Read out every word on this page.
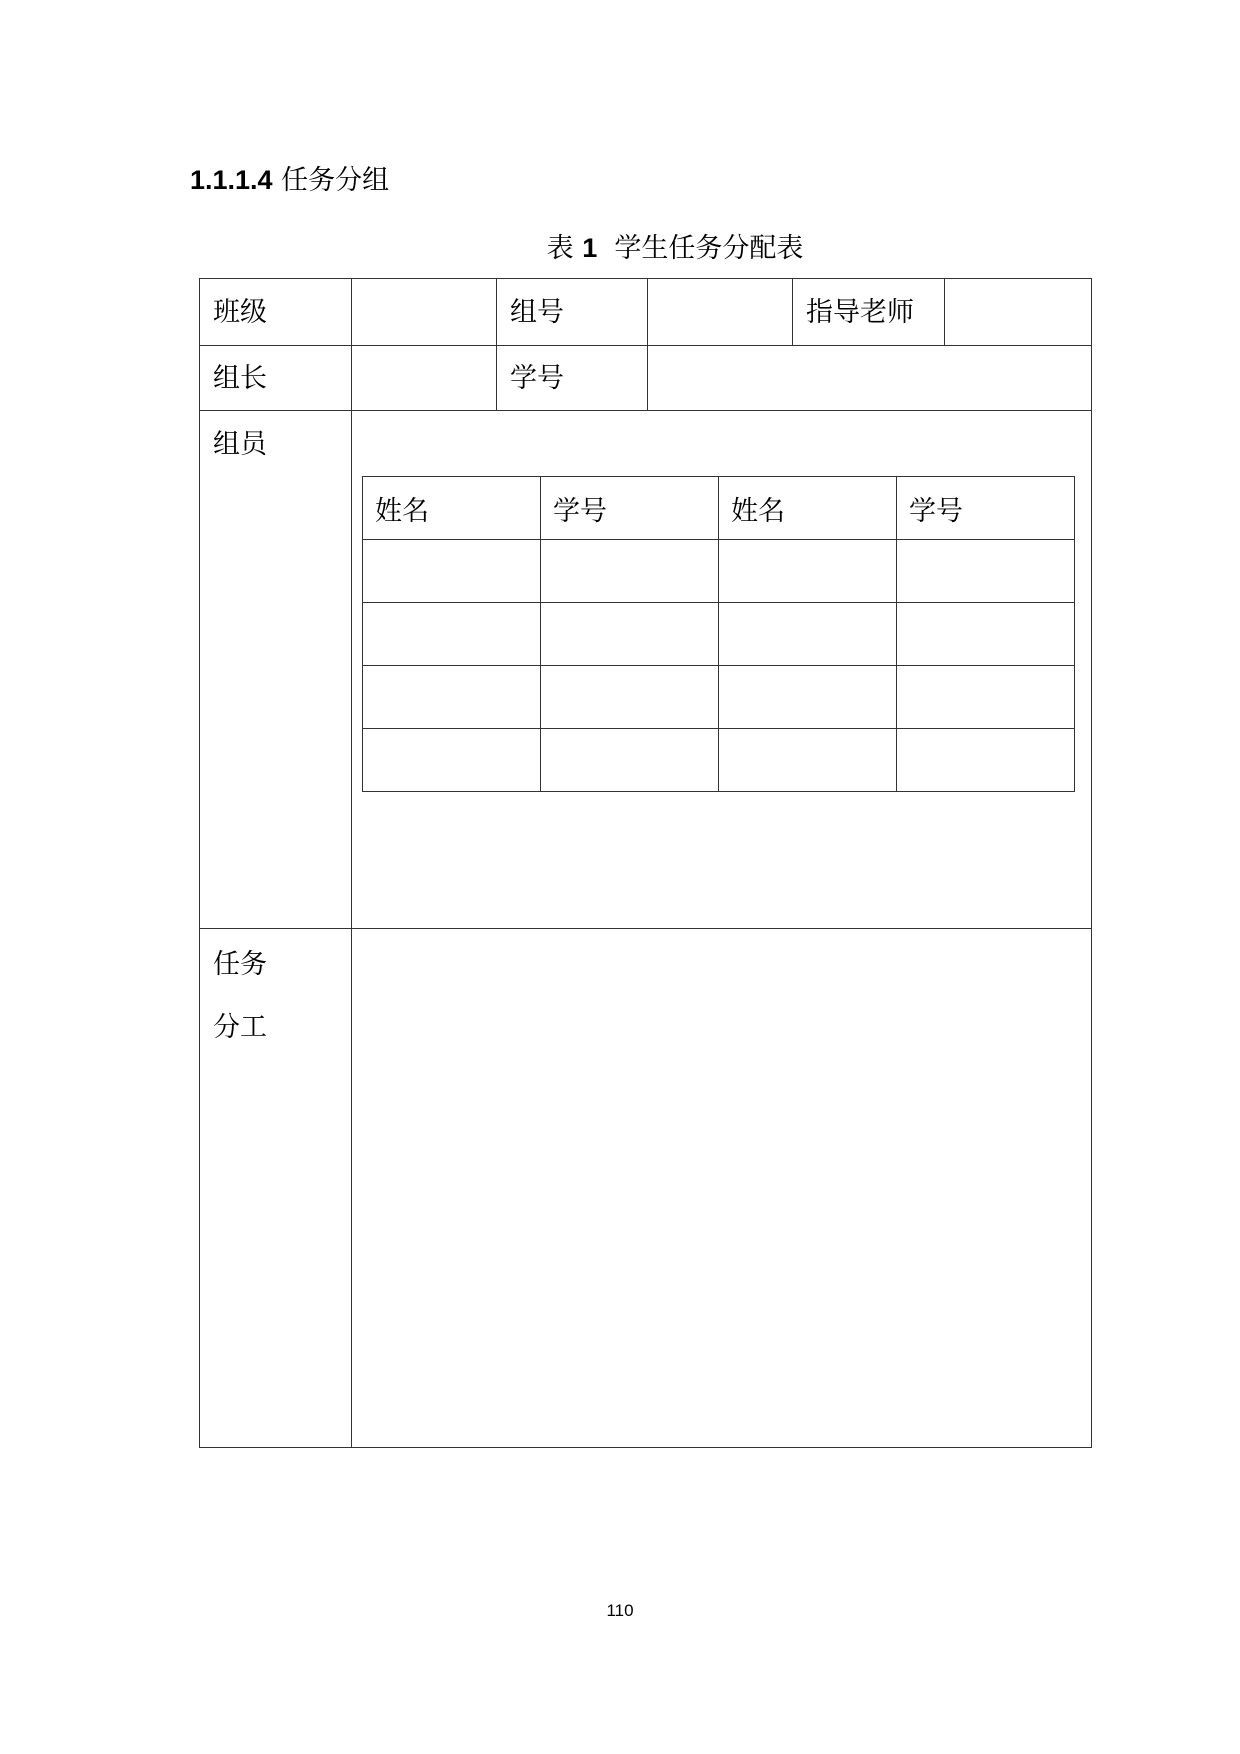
1.1.1.4 任务分组
表 1 学生任务分配表
班级	组号	指导老师
组长	学号
组员
姓名	学号	姓名	学号

任务
分工
110
